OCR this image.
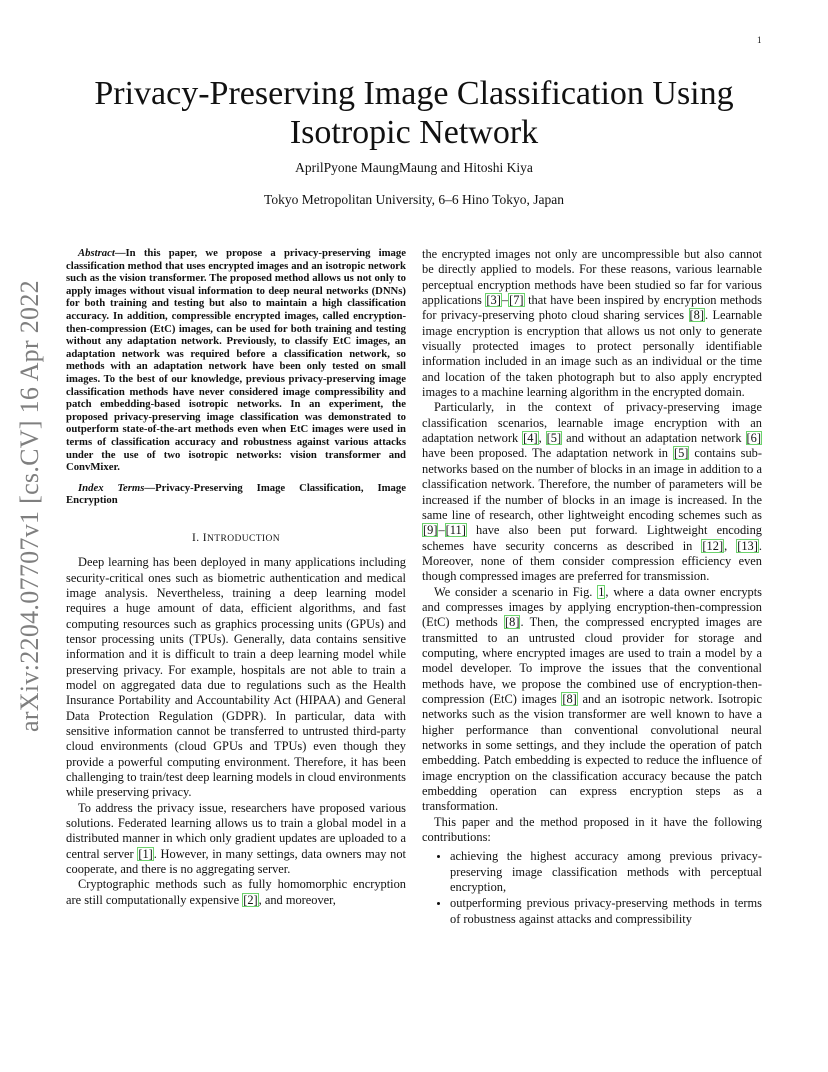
1
arXiv:2204.07707v1 [cs.CV] 16 Apr 2022
Privacy-Preserving Image Classification Using Isotropic Network
AprilPyone MaungMaung and Hitoshi Kiya
Tokyo Metropolitan University, 6–6 Hino Tokyo, Japan

Abstract—In this paper, we propose a privacy-preserving image classification method that uses encrypted images and an isotropic network such as the vision transformer. The proposed method allows us not only to apply images without visual information to deep neural networks (DNNs) for both training and testing but also to maintain a high classification accuracy. In addition, compressible encrypted images, called encryption-then-compression (EtC) images, can be used for both training and testing without any adaptation network. Previously, to classify EtC images, an adaptation network was required before a classification network, so methods with an adaptation network have been only tested on small images. To the best of our knowledge, previous privacy-preserving image classification methods have never considered image compressibility and patch embedding-based isotropic networks. In an experiment, the proposed privacy-preserving image classification was demonstrated to outperform state-of-the-art methods even when EtC images were used in terms of classification accuracy and robustness against various attacks under the use of two isotropic networks: vision transformer and ConvMixer.

Index Terms—Privacy-Preserving Image Classification, Image Encryption

I. INTRODUCTION

Deep learning has been deployed in many applications including security-critical ones such as biometric authentication and medical image analysis. Nevertheless, training a deep learning model requires a huge amount of data, efficient algorithms, and fast computing resources such as graphics processing units (GPUs) and tensor processing units (TPUs). Generally, data contains sensitive information and it is difficult to train a deep learning model while preserving privacy. For example, hospitals are not able to train a model on aggregated data due to regulations such as the Health Insurance Portability and Accountability Act (HIPAA) and General Data Protection Regulation (GDPR). In particular, data with sensitive information cannot be transferred to untrusted third-party cloud environments (cloud GPUs and TPUs) even though they provide a powerful computing environment. Therefore, it has been challenging to train/test deep learning models in cloud environments while preserving privacy.

To address the privacy issue, researchers have proposed various solutions. Federated learning allows us to train a global model in a distributed manner in which only gradient updates are uploaded to a central server [1]. However, in many settings, data owners may not cooperate, and there is no aggregating server.

Cryptographic methods such as fully homomorphic encryption are still computationally expensive [2], and moreover,

the encrypted images not only are uncompressible but also cannot be directly applied to models. For these reasons, various learnable perceptual encryption methods have been studied so far for various applications [3]–[7] that have been inspired by encryption methods for privacy-preserving photo cloud sharing services [8]. Learnable image encryption is encryption that allows us not only to generate visually protected images to protect personally identifiable information included in an image such as an individual or the time and location of the taken photograph but to also apply encrypted images to a machine learning algorithm in the encrypted domain.

Particularly, in the context of privacy-preserving image classification scenarios, learnable image encryption with an adaptation network [4], [5] and without an adaptation network [6] have been proposed. The adaptation network in [5] contains sub-networks based on the number of blocks in an image in addition to a classification network. Therefore, the number of parameters will be increased if the number of blocks in an image is increased. In the same line of research, other lightweight encoding schemes such as [9]–[11] have also been put forward. Lightweight encoding schemes have security concerns as described in [12], [13]. Moreover, none of them consider compression efficiency even though compressed images are preferred for transmission.

We consider a scenario in Fig. 1, where a data owner encrypts and compresses images by applying encryption-then-compression (EtC) methods [8]. Then, the compressed encrypted images are transmitted to an untrusted cloud provider for storage and computing, where encrypted images are used to train a model by a model developer. To improve the issues that the conventional methods have, we propose the combined use of encryption-then-compression (EtC) images [8] and an isotropic network. Isotropic networks such as the vision transformer are well known to have a higher performance than conventional convolutional neural networks in some settings, and they include the operation of patch embedding. Patch embedding is expected to reduce the influence of image encryption on the classification accuracy because the patch embedding operation can express encryption steps as a transformation.

This paper and the method proposed in it have the following contributions:

• achieving the highest accuracy among previous privacy-preserving image classification methods with perceptual encryption,
• outperforming previous privacy-preserving methods in terms of robustness against attacks and compressibility
